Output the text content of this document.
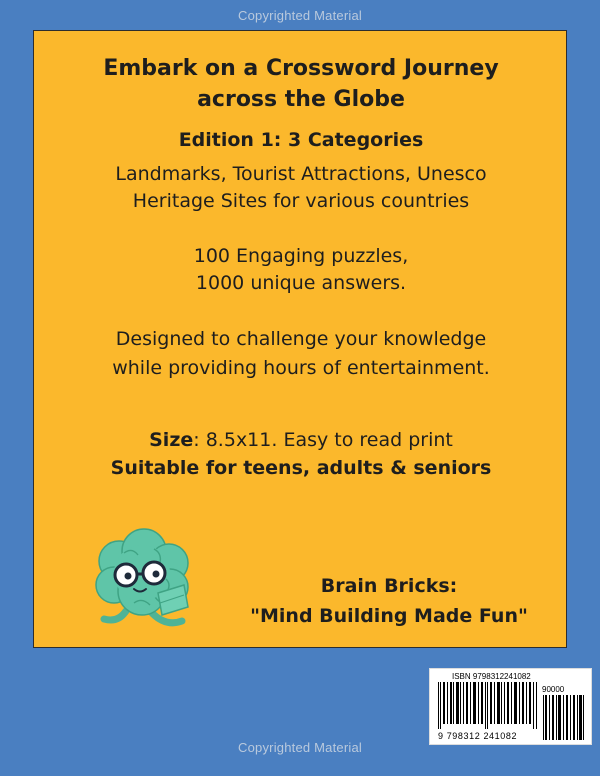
Copyrighted Material
Embark on a Crossword Journey
across the Globe
Edition 1: 3 Categories
Landmarks, Tourist Attractions, Unesco
Heritage Sites for various countries
100 Engaging puzzles,
1000 unique answers.
Designed to challenge your knowledge
while providing hours of entertainment.
Size: 8.5x11. Easy to read print
Suitable for teens, adults & seniors
Brain Bricks:
"Mind Building Made Fun"
ISBN 9798312241082
90000
9 798312 241082
Copyrighted Material
